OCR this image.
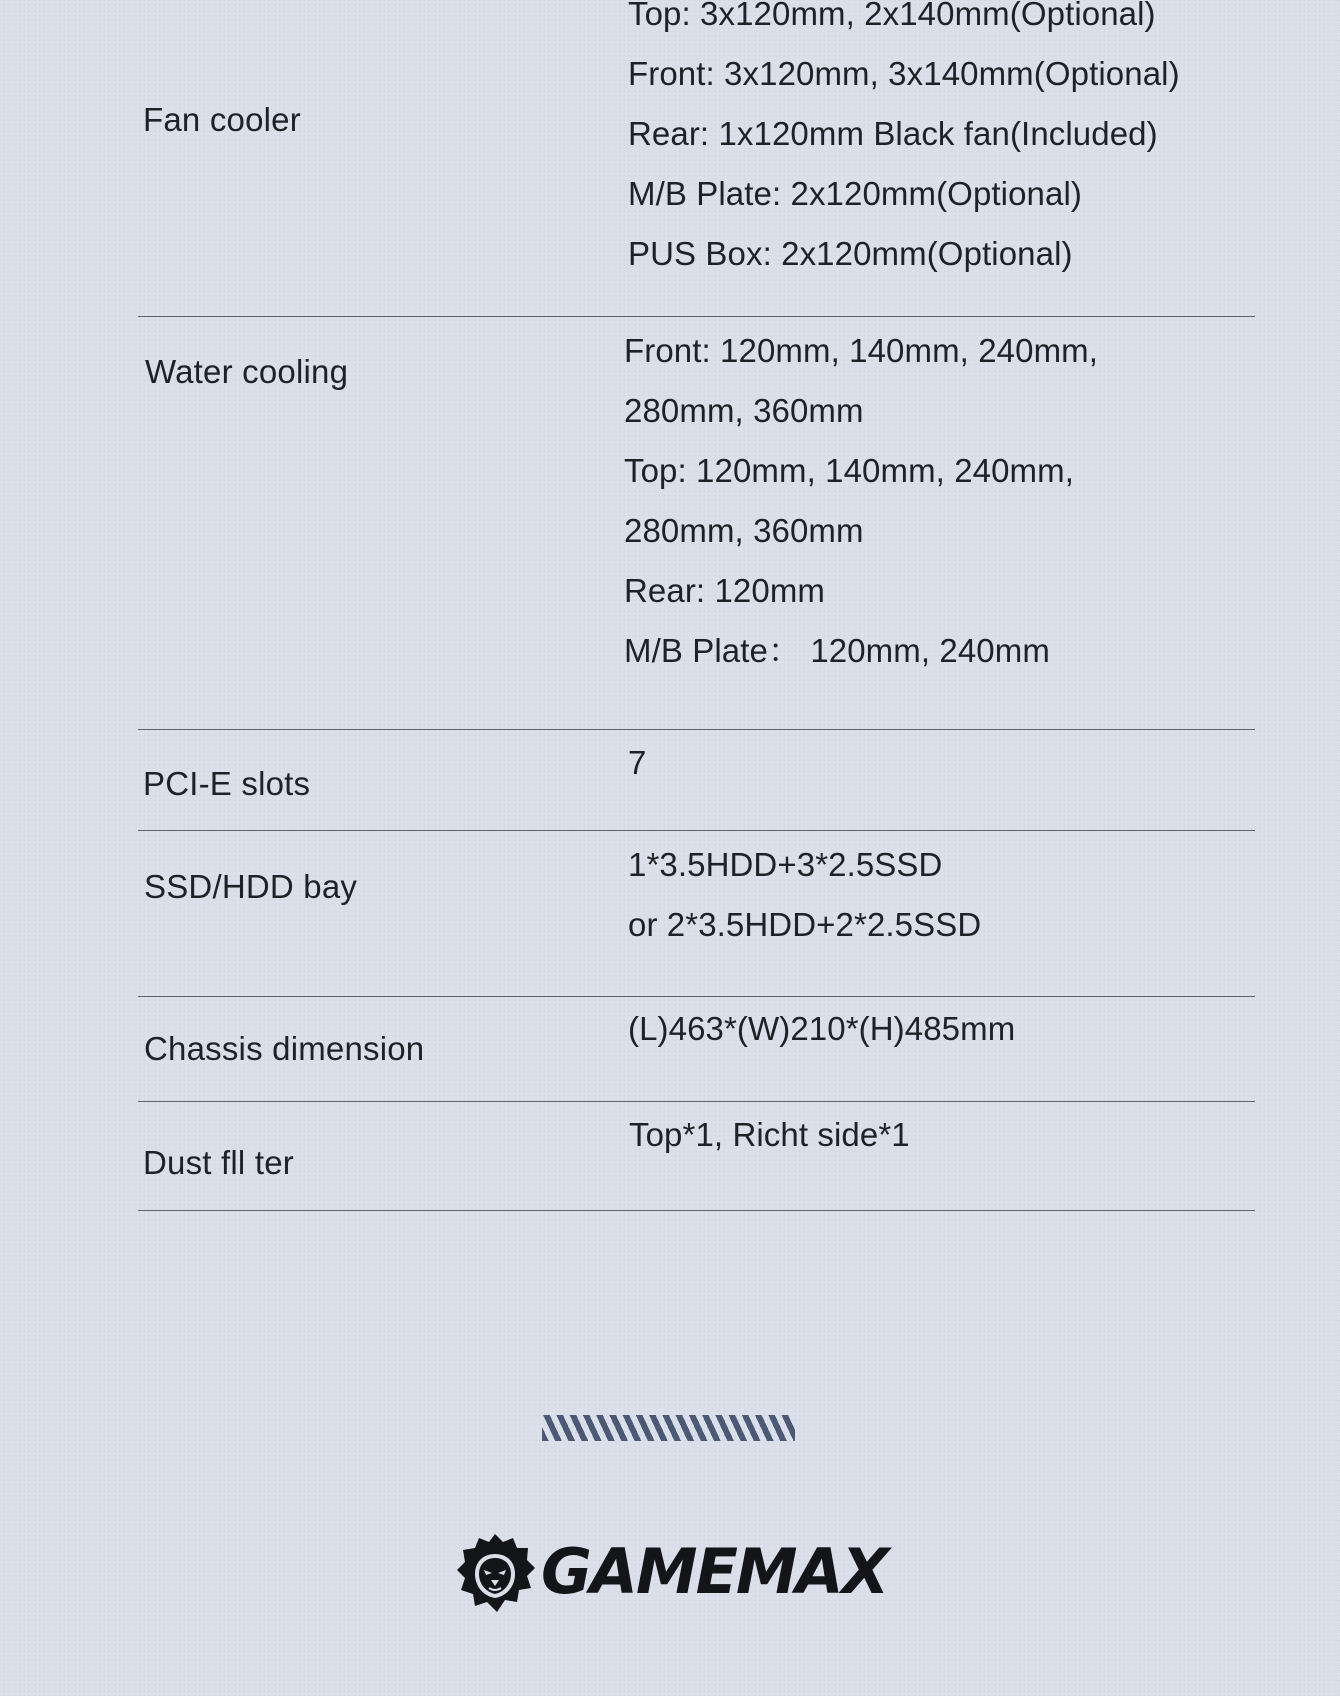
Fan cooler
Top: 3x120mm, 2x140mm(Optional)
Front: 3x120mm, 3x140mm(Optional)
Rear: 1x120mm Black fan(Included)
M/B Plate: 2x120mm(Optional)
PUS Box: 2x120mm(Optional)
Water cooling
Front: 120mm, 140mm, 240mm,
280mm, 360mm
Top: 120mm, 140mm, 240mm,
280mm, 360mm
Rear: 120mm
M/B Plate： 120mm, 240mm
PCI-E slots
7
SSD/HDD bay
1*3.5HDD+3*2.5SSD
or 2*3.5HDD+2*2.5SSD
Chassis dimension
(L)463*(W)210*(H)485mm
Dust fll ter
Top*1, Richt side*1
GAMEMAX
